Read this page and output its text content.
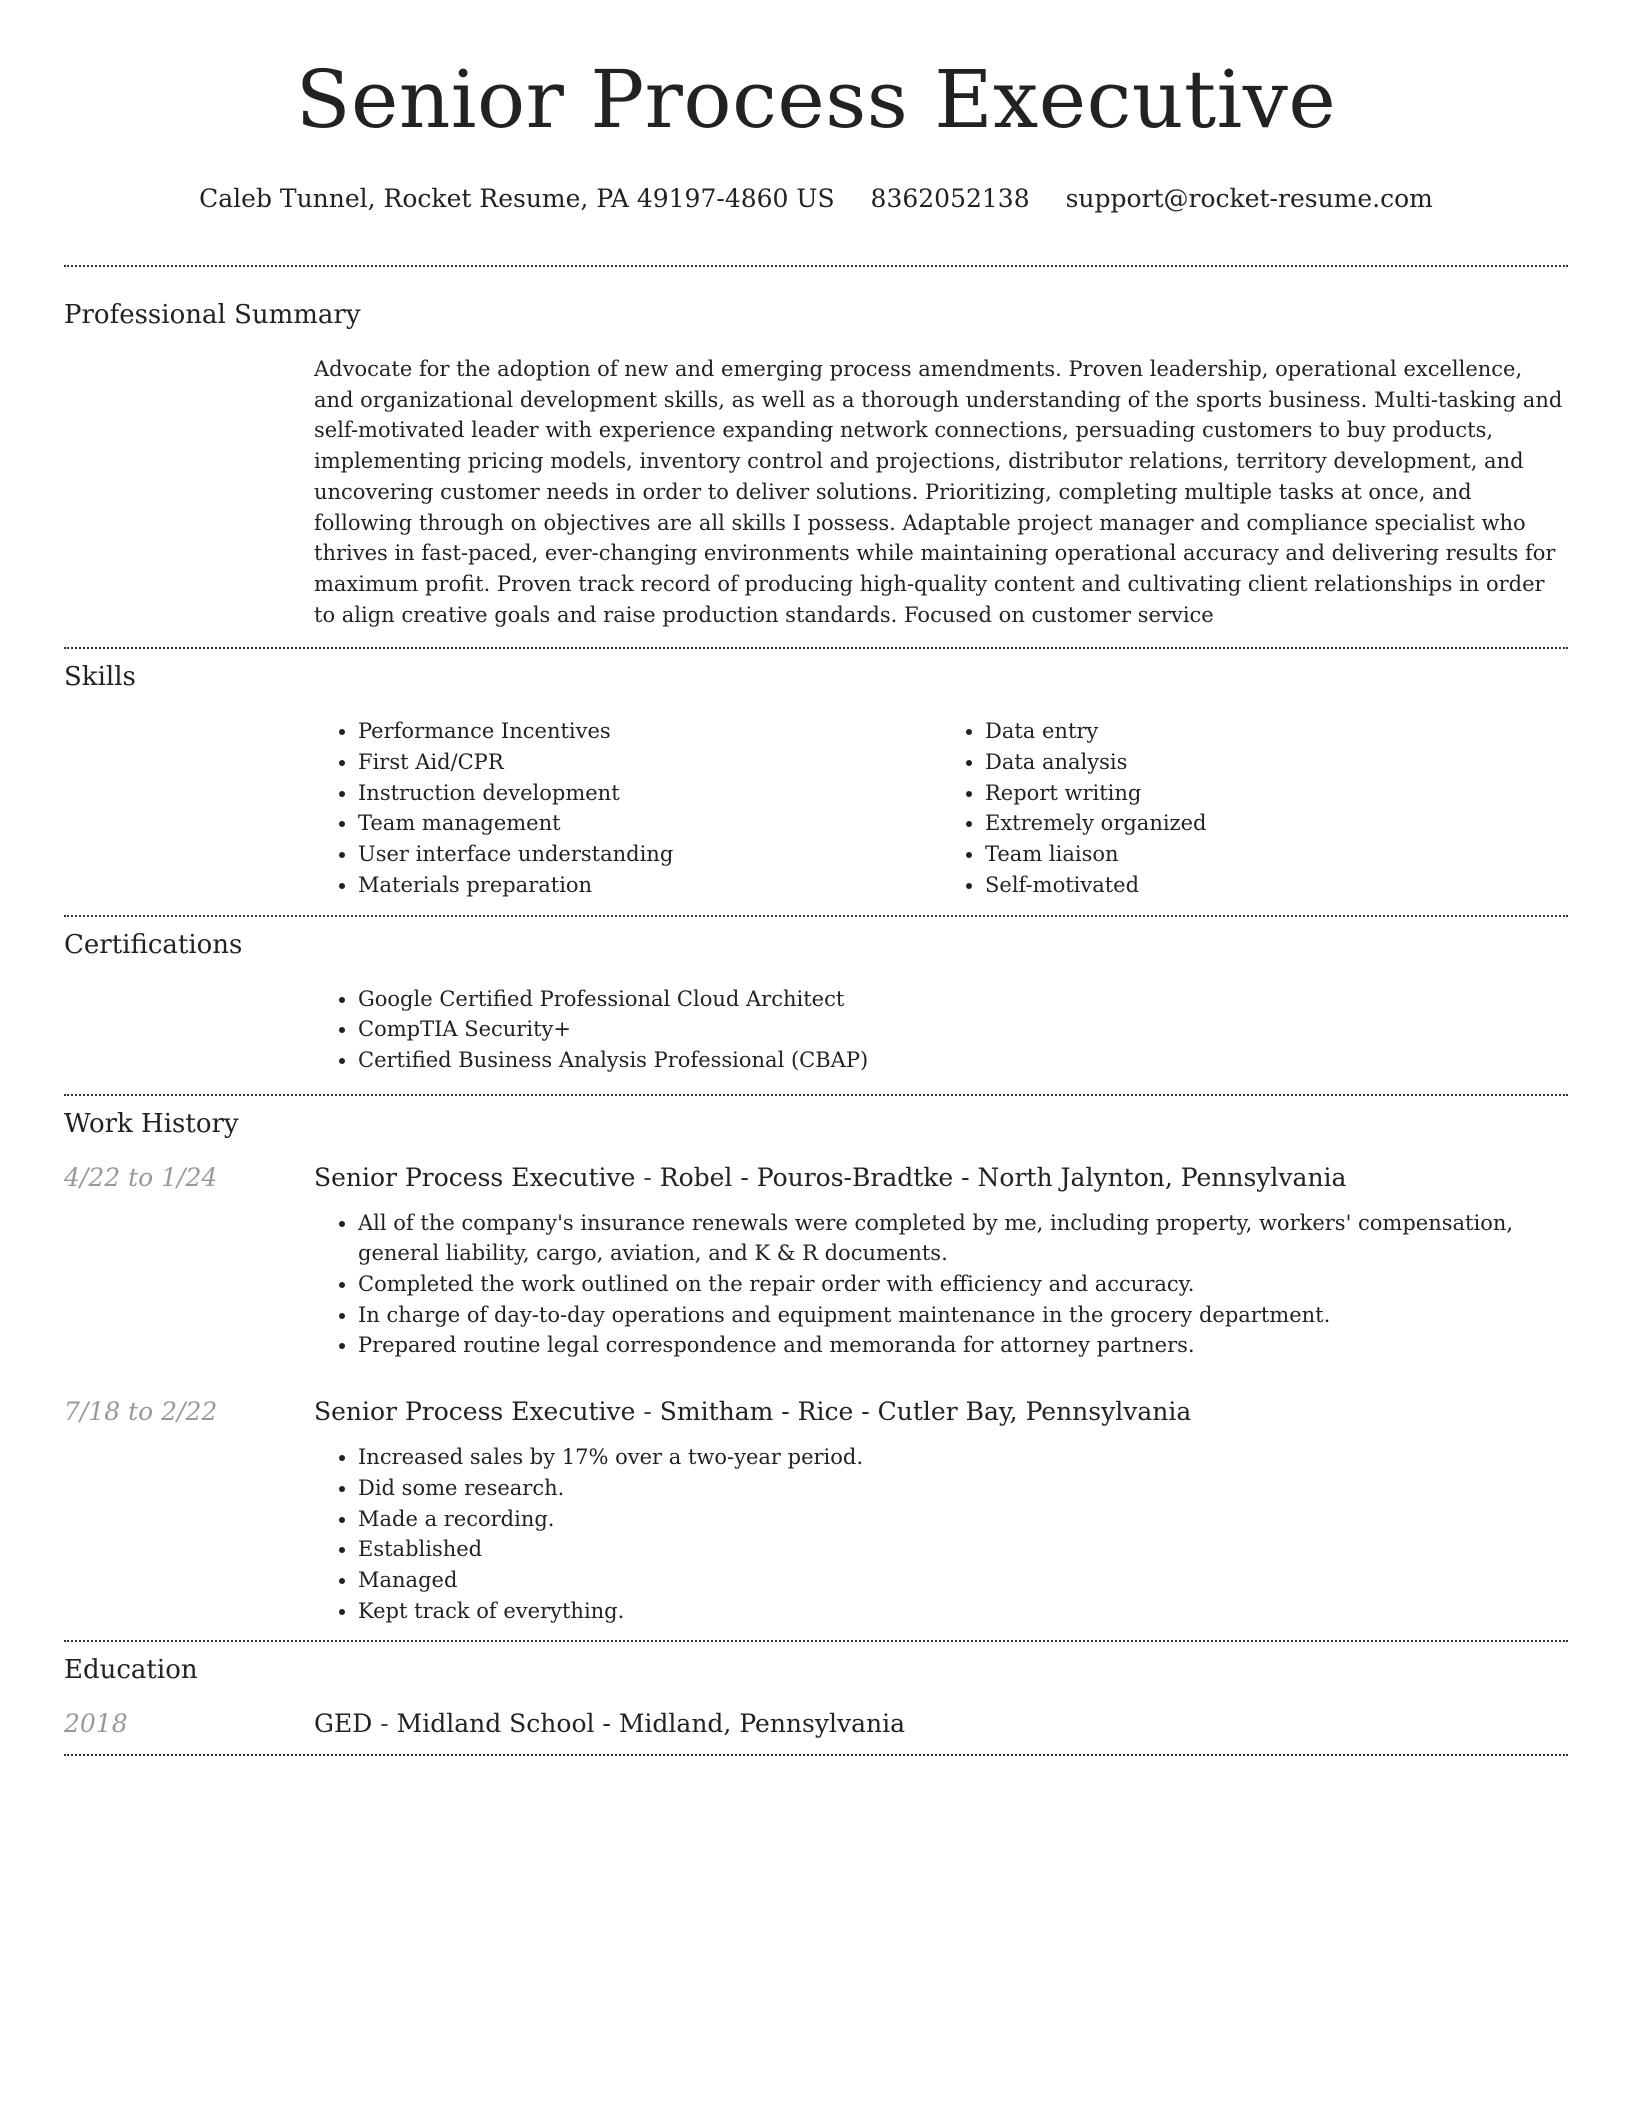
Senior Process Executive
Caleb Tunnel, Rocket Resume, PA 49197-4860 US 8362052138 support@rocket-resume.com
Professional Summary
Advocate for the adoption of new and emerging process amendments. Proven leadership, operational excellence, and organizational development skills, as well as a thorough understanding of the sports business. Multi-tasking and self-motivated leader with experience expanding network connections, persuading customers to buy products, implementing pricing models, inventory control and projections, distributor relations, territory development, and uncovering customer needs in order to deliver solutions. Prioritizing, completing multiple tasks at once, and following through on objectives are all skills I possess. Adaptable project manager and compliance specialist who thrives in fast-paced, ever-changing environments while maintaining operational accuracy and delivering results for maximum profit. Proven track record of producing high-quality content and cultivating client relationships in order to align creative goals and raise production standards. Focused on customer service
Skills
• Performance Incentives
• First Aid/CPR
• Instruction development
• Team management
• User interface understanding
• Materials preparation
• Data entry
• Data analysis
• Report writing
• Extremely organized
• Team liaison
• Self-motivated
Certifications
• Google Certified Professional Cloud Architect
• CompTIA Security+
• Certified Business Analysis Professional (CBAP)
Work History
4/22 to 1/24	Senior Process Executive - Robel - Pouros-Bradtke - North Jalynton, Pennsylvania
• All of the company's insurance renewals were completed by me, including property, workers' compensation, general liability, cargo, aviation, and K & R documents.
• Completed the work outlined on the repair order with efficiency and accuracy.
• In charge of day-to-day operations and equipment maintenance in the grocery department.
• Prepared routine legal correspondence and memoranda for attorney partners.
7/18 to 2/22	Senior Process Executive - Smitham - Rice - Cutler Bay, Pennsylvania
• Increased sales by 17% over a two-year period.
• Did some research.
• Made a recording.
• Established
• Managed
• Kept track of everything.
Education
2018	GED - Midland School - Midland, Pennsylvania
